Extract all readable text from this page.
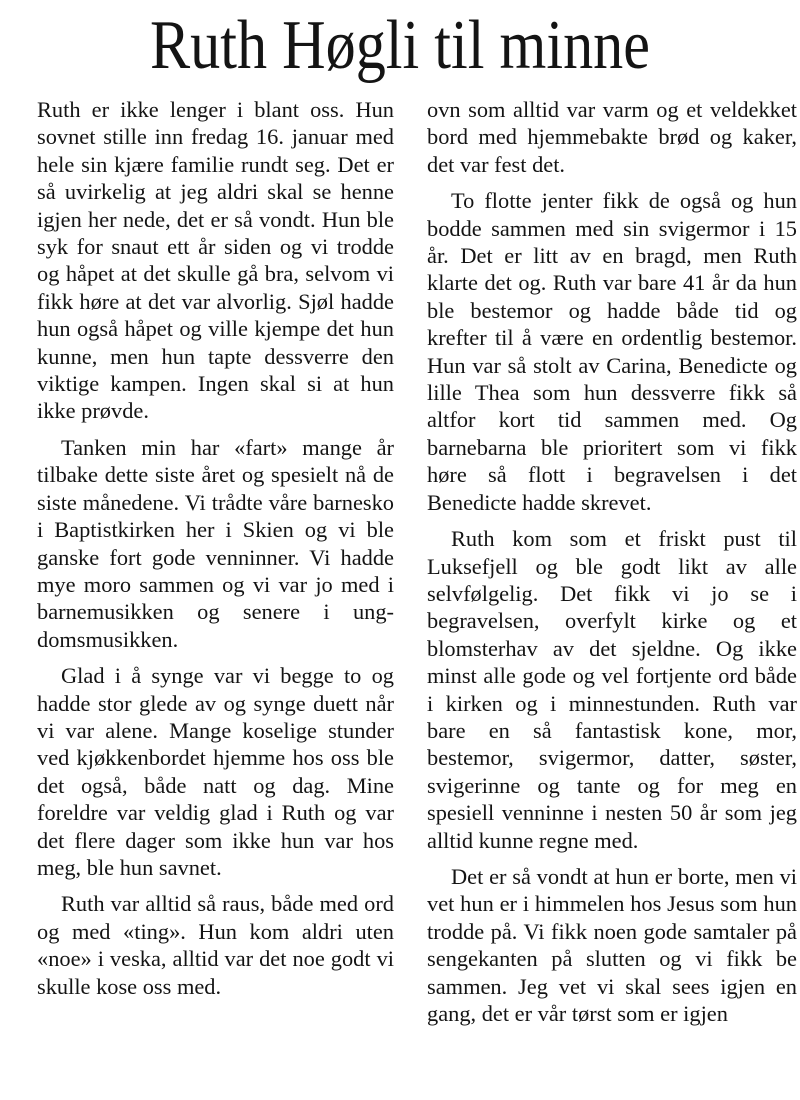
Ruth Høgli til minne

Ruth er ikke lenger i blant oss. Hun sovnet stille inn fredag 16. januar med hele sin kjære familie rundt seg. Det er så uvirkelig at jeg aldri skal se henne igjen her nede, det er så vondt. Hun ble syk for snaut ett år siden og vi trodde og håpet at det skulle gå bra, selvom vi fikk høre at det var alvorlig. Sjøl hadde hun også håpet og ville kjempe det hun kunne, men hun tapte dessverre den viktige kampen. Ingen skal si at hun ikke prøvde.

Tanken min har «fart» mange år tilbake dette siste året og spesielt nå de siste månedene. Vi trådte våre barnesko i Baptistkirken her i Skien og vi ble ganske fort gode venninner. Vi hadde mye moro sammen og vi var jo med i barnemusikken og senere i ungdomsmusikken.

Glad i å synge var vi begge to og hadde stor glede av og synge duett når vi var alene. Mange koselige stunder ved kjøkkenbordet hjemme hos oss ble det også, både natt og dag. Mine foreldre var veldig glad i Ruth og var det flere dager som ikke hun var hos meg, ble hun savnet.

Ruth var alltid så raus, både med ord og med «ting». Hun kom aldri uten «noe» i veska, alltid var det noe godt vi skulle kose oss med.

ovn som alltid var varm og et veldekket bord med hjemmebakte brød og kaker, det var fest det.

To flotte jenter fikk de også og hun bodde sammen med sin svigermor i 15 år. Det er litt av en bragd, men Ruth klarte det og. Ruth var bare 41 år da hun ble bestemor og hadde både tid og krefter til å være en ordentlig bestemor. Hun var så stolt av Carina, Benedicte og lille Thea som hun dessverre fikk så altfor kort tid sammen med. Og barnebarna ble prioritert som vi fikk høre så flott i begravelsen i det Benedicte hadde skrevet.

Ruth kom som et friskt pust til Luksefjell og ble godt likt av alle selvfølgelig. Det fikk vi jo se i begravelsen, overfylt kirke og et blomsterhav av det sjeldne. Og ikke minst alle gode og vel fortjente ord både i kirken og i minnestunden. Ruth var bare en så fantastisk kone, mor, bestemor, svigermor, datter, søster, svigerinne og tante og for meg en spesiell venninne i nesten 50 år som jeg alltid kunne regne med.

Det er så vondt at hun er borte, men vi vet hun er i himmelen hos Jesus som hun trodde på. Vi fikk noen gode samtaler på sengekanten på slutten og vi fikk be sammen. Jeg vet vi skal sees igjen en gang, det er vår tørst som er igjen
